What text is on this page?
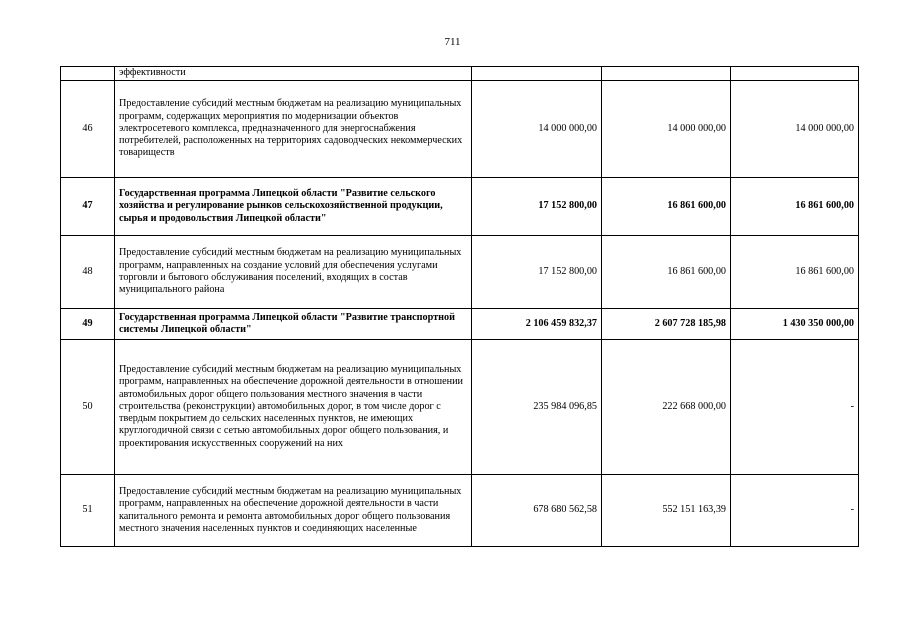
711
	эффективности			
46	Предоставление субсидий местным бюджетам на реализацию муниципальных программ, содержащих мероприятия по модернизации объектов электросетевого комплекса, предназначенного для энергоснабжения потребителей, расположенных на территориях садоводческих некоммерческих товариществ	14 000 000,00	14 000 000,00	14 000 000,00
47	Государственная программа Липецкой области "Развитие сельского хозяйства и регулирование рынков сельскохозяйственной продукции, сырья и продовольствия Липецкой области"	17 152 800,00	16 861 600,00	16 861 600,00
48	Предоставление субсидий местным бюджетам на реализацию муниципальных программ, направленных на создание условий для обеспечения услугами торговли и бытового обслуживания поселений, входящих в состав муниципального района	17 152 800,00	16 861 600,00	16 861 600,00
49	Государственная программа Липецкой области "Развитие транспортной системы Липецкой области"	2 106 459 832,37	2 607 728 185,98	1 430 350 000,00
50	Предоставление субсидий местным бюджетам на реализацию муниципальных программ, направленных на обеспечение дорожной деятельности в отношении автомобильных дорог общего пользования местного значения в части строительства (реконструкции) автомобильных дорог, в том числе дорог с твердым покрытием до сельских населенных пунктов, не имеющих круглогодичной связи с сетью автомобильных дорог общего пользования, и проектирования искусственных сооружений на них	235 984 096,85	222 668 000,00	-
51	Предоставление субсидий местным бюджетам на реализацию муниципальных программ, направленных на обеспечение дорожной деятельности в части капитального ремонта и ремонта автомобильных дорог общего пользования местного значения населенных пунктов и соединяющих населенные	678 680 562,58	552 151 163,39	-
